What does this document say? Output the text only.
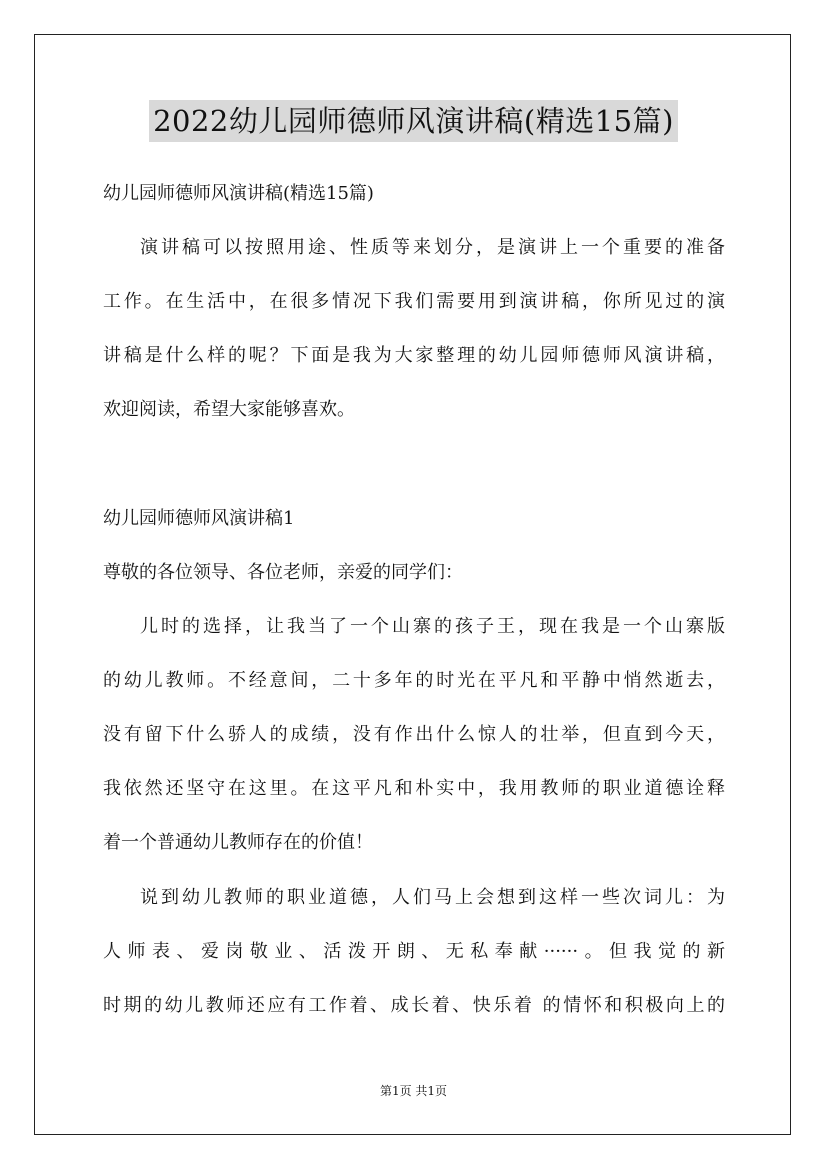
2022幼儿园师德师风演讲稿(精选15篇)
幼儿园师德师风演讲稿(精选15篇)
演讲稿可以按照用途、性质等来划分，是演讲上一个重要的准备
工作。在生活中，在很多情况下我们需要用到演讲稿，你所见过的演
讲稿是什么样的呢？下面是我为大家整理的幼儿园师德师风演讲稿，
欢迎阅读，希望大家能够喜欢。
幼儿园师德师风演讲稿1
尊敬的各位领导、各位老师，亲爱的同学们：
儿时的选择，让我当了一个山寨的孩子王，现在我是一个山寨版
的幼儿教师。不经意间，二十多年的时光在平凡和平静中悄然逝去，
没有留下什么骄人的成绩，没有作出什么惊人的壮举，但直到今天，
我依然还坚守在这里。在这平凡和朴实中，我用教师的职业道德诠释
着一个普通幼儿教师存在的价值！
说到幼儿教师的职业道德，人们马上会想到这样一些次词儿：为
人师表、爱岗敬业、活泼开朗、无私奉献······。但我觉的新
时期的幼儿教师还应有工作着、成长着、快乐着 的情怀和积极向上的
第1页 共1页
